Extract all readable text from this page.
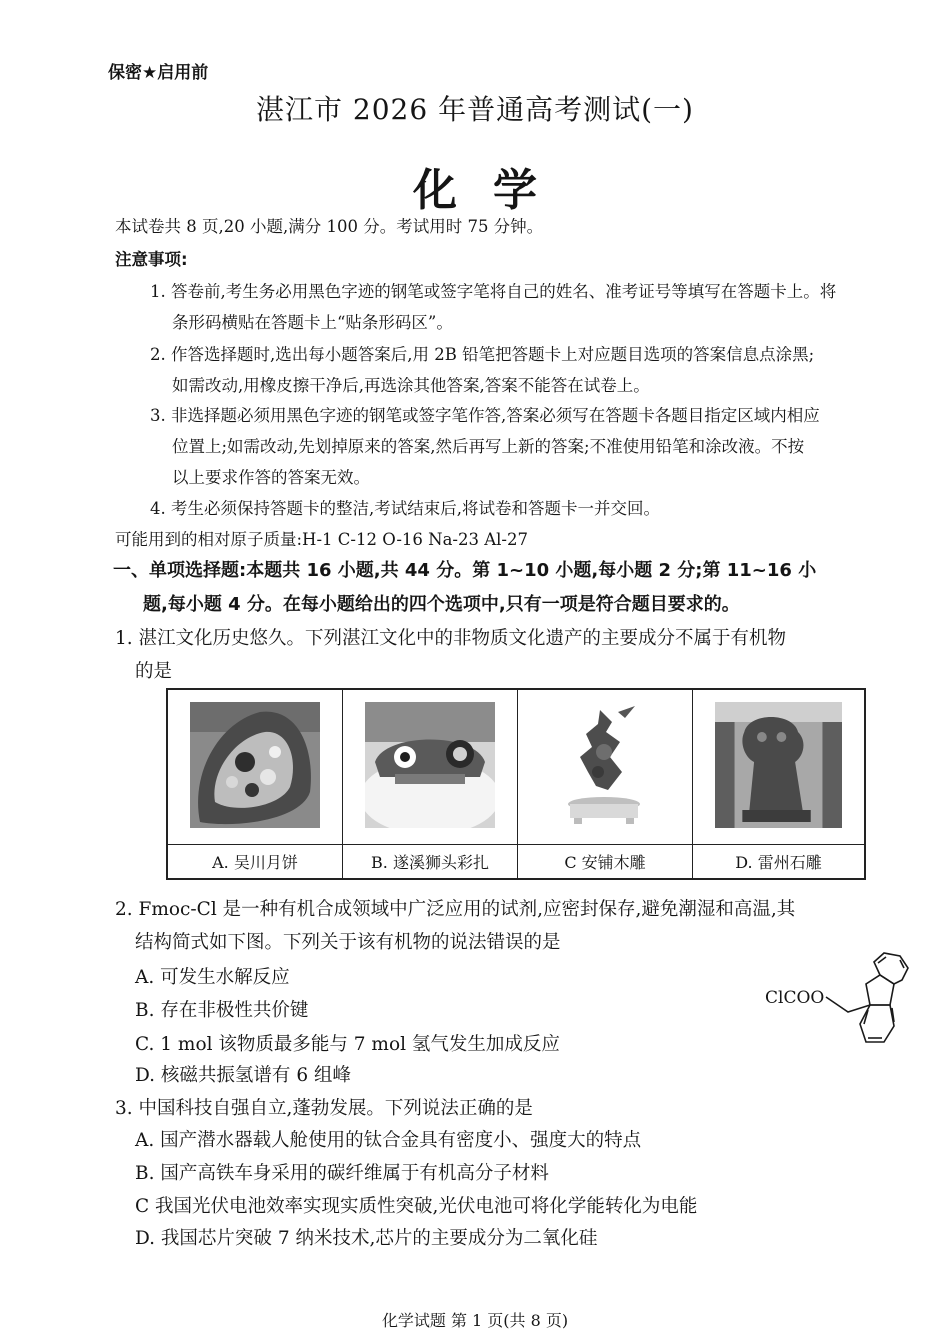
保密★启用前
湛江市 2026 年普通高考测试(一)
化学
本试卷共 8 页,20 小题,满分 100 分。考试用时 75 分钟。
注意事项:
1. 答卷前,考生务必用黑色字迹的钢笔或签字笔将自己的姓名、准考证号等填写在答题卡上。将
条形码横贴在答题卡上“贴条形码区”。
2. 作答选择题时,选出每小题答案后,用 2B 铅笔把答题卡上对应题目选项的答案信息点涂黑;
如需改动,用橡皮擦干净后,再选涂其他答案,答案不能答在试卷上。
3. 非选择题必须用黑色字迹的钢笔或签字笔作答,答案必须写在答题卡各题目指定区域内相应
位置上;如需改动,先划掉原来的答案,然后再写上新的答案;不准使用铅笔和涂改液。不按
以上要求作答的答案无效。
4. 考生必须保持答题卡的整洁,考试结束后,将试卷和答题卡一并交回。
可能用到的相对原子质量:H-1 C-12 O-16 Na-23 Al-27
一、单项选择题:本题共 16 小题,共 44 分。第 1~10 小题,每小题 2 分;第 11~16 小
题,每小题 4 分。在每小题给出的四个选项中,只有一项是符合题目要求的。
1. 湛江文化历史悠久。下列湛江文化中的非物质文化遗产的主要成分不属于有机物
的是
A. 吴川月饼	B. 遂溪狮头彩扎	C 安铺木雕	D. 雷州石雕
2. Fmoc-Cl 是一种有机合成领域中广泛应用的试剂,应密封保存,避免潮湿和高温,其
结构简式如下图。下列关于该有机物的说法错误的是
A. 可发生水解反应
B. 存在非极性共价键
C. 1 mol 该物质最多能与 7 mol 氢气发生加成反应
D. 核磁共振氢谱有 6 组峰
ClCOO
3. 中国科技自强自立,蓬勃发展。下列说法正确的是
A. 国产潜水器载人舱使用的钛合金具有密度小、强度大的特点
B. 国产高铁车身采用的碳纤维属于有机高分子材料
C 我国光伏电池效率实现实质性突破,光伏电池可将化学能转化为电能
D. 我国芯片突破 7 纳米技术,芯片的主要成分为二氧化硅
化学试题 第 1 页(共 8 页)
